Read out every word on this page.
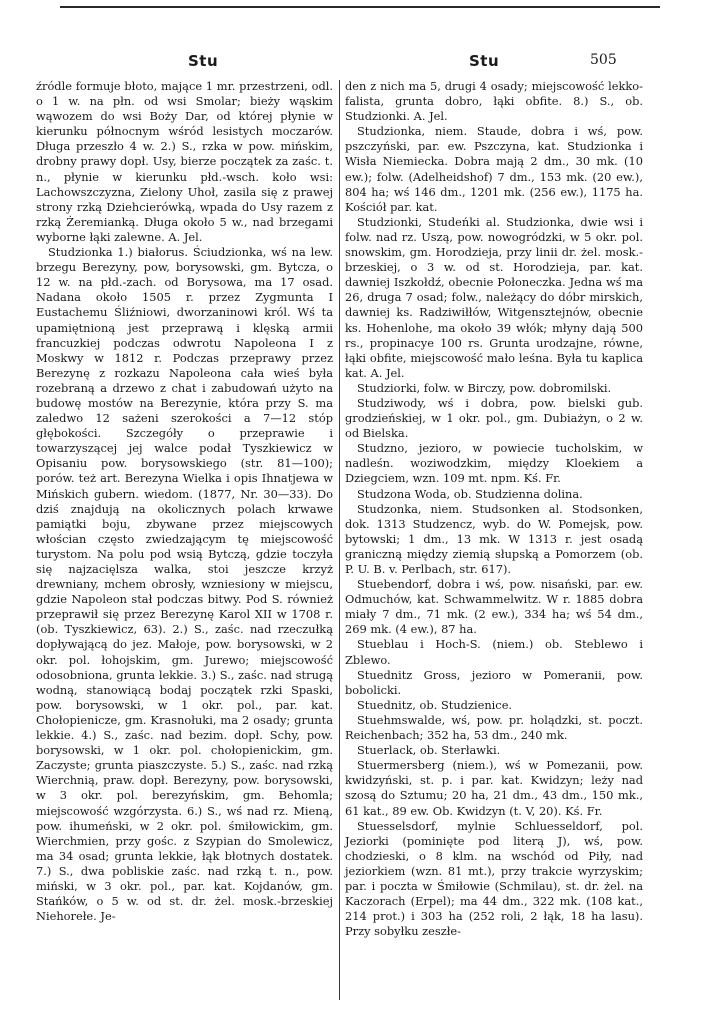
Stu	Stu	505

źródle formuje błoto, mające 1 mr. przestrzeni, odl. o 1 w. na płn. od wsi Smolar; bieży wąskim wąwozem do wsi Boży Dar, od której płynie w kierunku północnym wśród lesistych moczarów. Długa przeszło 4 w. 2.) S., rzka w pow. mińskim, drobny prawy dopł. Usy, bierze początek za zaśc. t. n., płynie w kierunku płd.-wsch. koło wsi: Lachowszczyzna, Zielony Uhoł, zasila się z prawej strony rzką Dziehcierówką, wpada do Usy razem z rzką Żeremianką. Długa około 5 w., nad brzegami wyborne łąki zalewne. A. Jel.

Studzionka 1.) białorus. Ściudzionka, wś na lew. brzegu Berezyny, pow, borysowski, gm. Bytcza, o 12 w. na płd.-zach. od Borysowa, ma 17 osad. Nadana około 1505 r. przez Zygmunta I Eustachemu Śliźniowi, dworzaninowi król. Wś ta upamiętnioną jest przeprawą i klęską armii francuzkiej podczas odwrotu Napoleona I z Moskwy w 1812 r. Podczas przeprawy przez Berezynę z rozkazu Napoleona cała wieś była rozebraną a drzewo z chat i zabudowań użyto na budowę mostów na Berezynie, która przy S. ma zaledwo 12 sażeni szerokości a 7—12 stóp głębokości. Szczegóły o przeprawie i towarzyszącej jej walce podał Tyszkiewicz w Opisaniu pow. borysowskiego (str. 81—100); porów. też art. Berezyna Wielka i opis Ihnatjewa w Mińskich gubern. wiedom. (1877, Nr. 30—33). Do dziś znajdują na okolicznych polach krwawe pamiątki boju, zbywane przez miejscowych włościan często zwiedzającym tę miejscowość turystom. Na polu pod wsią Bytczą, gdzie toczyła się najzacięlsza walka, stoi jeszcze krzyż drewniany, mchem obrosły, wzniesiony w miejscu, gdzie Napoleon stał podczas bitwy. Pod S. również przeprawił się przez Berezynę Karol XII w 1708 r. (ob. Tyszkiewicz, 63). 2.) S., zaśc. nad rzeczułką dopływającą do jez. Małoje, pow. borysowski, w 2 okr. pol. łohojskim, gm. Jurewo; miejscowość odosobniona, grunta lekkie. 3.) S., zaśc. nad strugą wodną, stanowiącą bodaj początek rzki Spaski, pow. borysowski, w 1 okr. pol., par. kat. Chołopienicze, gm. Krasnołuki, ma 2 osady; grunta lekkie. 4.) S., zaśc. nad bezim. dopł. Schy, pow. borysowski, w 1 okr. pol. chołopienickim, gm. Zaczyste; grunta piaszczyste. 5.) S., zaśc. nad rzką Wierchnią, praw. dopł. Berezyny, pow. borysowski, w 3 okr. pol. berezyńskim, gm. Behomla; miejscowość wzgórzysta. 6.) S., wś nad rz. Mieną, pow. ihumeński, w 2 okr. pol. śmiłowickim, gm. Wierchmien, przy gośc. z Szypian do Smolewicz, ma 34 osad; grunta lekkie, łąk błotnych dostatek. 7.) S., dwa pobliskie zaśc. nad rzką t. n., pow. miński, w 3 okr. pol., par. kat. Kojdanów, gm. Stańków, o 5 w. od st. dr. żel. mosk.-brzeskiej Niehorełe. Je-

den z nich ma 5, drugi 4 osady; miejscowość lekko-falista, grunta dobro, łąki obfite. 8.) S., ob. Studzionki. A. Jel.

Studzionka, niem. Staude, dobra i wś, pow. pszczyński, par. ew. Pszczyna, kat. Studzionka i Wisła Niemiecka. Dobra mają 2 dm., 30 mk. (10 ew.); folw. (Adelheidshof) 7 dm., 153 mk. (20 ew.), 804 ha; wś 146 dm., 1201 mk. (256 ew.), 1175 ha. Kościół par. kat.

Studzionki, Studeńki al. Studzionka, dwie wsi i folw. nad rz. Uszą, pow. nowogródzki, w 5 okr. pol. snowskim, gm. Horodzieja, przy linii dr. żel. mosk.-brzeskiej, o 3 w. od st. Horodzieja, par. kat. dawniej Iszkołdź, obecnie Połoneczka. Jedna wś ma 26, druga 7 osad; folw., należący do dóbr mirskich, dawniej ks. Radziwiłłów, Witgensztejnów, obecnie ks. Hohenlohe, ma około 39 włók; młyny dają 500 rs., propinacye 100 rs. Grunta urodzajne, równe, łąki obfite, miejscowość mało leśna. Była tu kaplica kat. A. Jel.

Studziorki, folw. w Birczy, pow. dobromilski.

Studziwody, wś i dobra, pow. bielski gub. grodzieńskiej, w 1 okr. pol., gm. Dubiażyn, o 2 w. od Bielska.

Studzno, jezioro, w powiecie tucholskim, w nadleśn. woziwodzkim, między Kloekiem a Dziegciem, wzn. 109 mt. npm. Kś. Fr.

Studzona Woda, ob. Studzienna dolina.

Studzonka, niem. Studsonken al. Stodsonken, dok. 1313 Studzencz, wyb. do W. Pomejsk, pow. bytowski; 1 dm., 13 mk. W 1313 r. jest osadą graniczną między ziemią słupską a Pomorzem (ob. P. U. B. v. Perlbach, str. 617).

Stuebendorf, dobra i wś, pow. nisański, par. ew. Odmuchów, kat. Schwammelwitz. W r. 1885 dobra miały 7 dm., 71 mk. (2 ew.), 334 ha; wś 54 dm., 269 mk. (4 ew.), 87 ha.

Stueblau i Hoch-S. (niem.) ob. Steblewo i Zblewo.

Stuednitz Gross, jezioro w Pomeranii, pow. bobolicki.

Stuednitz, ob. Studzienice.

Stuehmswalde, wś, pow. pr. holądzki, st. poczt. Reichenbach; 352 ha, 53 dm., 240 mk.

Stuerlack, ob. Sterławki.

Stuermersberg (niem.), wś w Pomezanii, pow. kwidzyński, st. p. i par. kat. Kwidzyn; leży nad szosą do Sztumu; 20 ha, 21 dm., 43 dm., 150 mk., 61 kat., 89 ew. Ob. Kwidzyn (t. V, 20). Kś. Fr.

Stuesselsdorf, mylnie Schluesseldorf, pol. Jeziorki (pominięte pod literą J), wś, pow. chodzieski, o 8 klm. na wschód od Piły, nad jeziorkiem (wzn. 81 mt.), przy trakcie wyrzyskim; par. i poczta w Śmiłowie (Schmilau), st. dr. żel. na Kaczorach (Erpel); ma 44 dm., 322 mk. (108 kat., 214 prot.) i 303 ha (252 roli, 2 łąk, 18 ha lasu). Przy sobyłku zeszłe-
